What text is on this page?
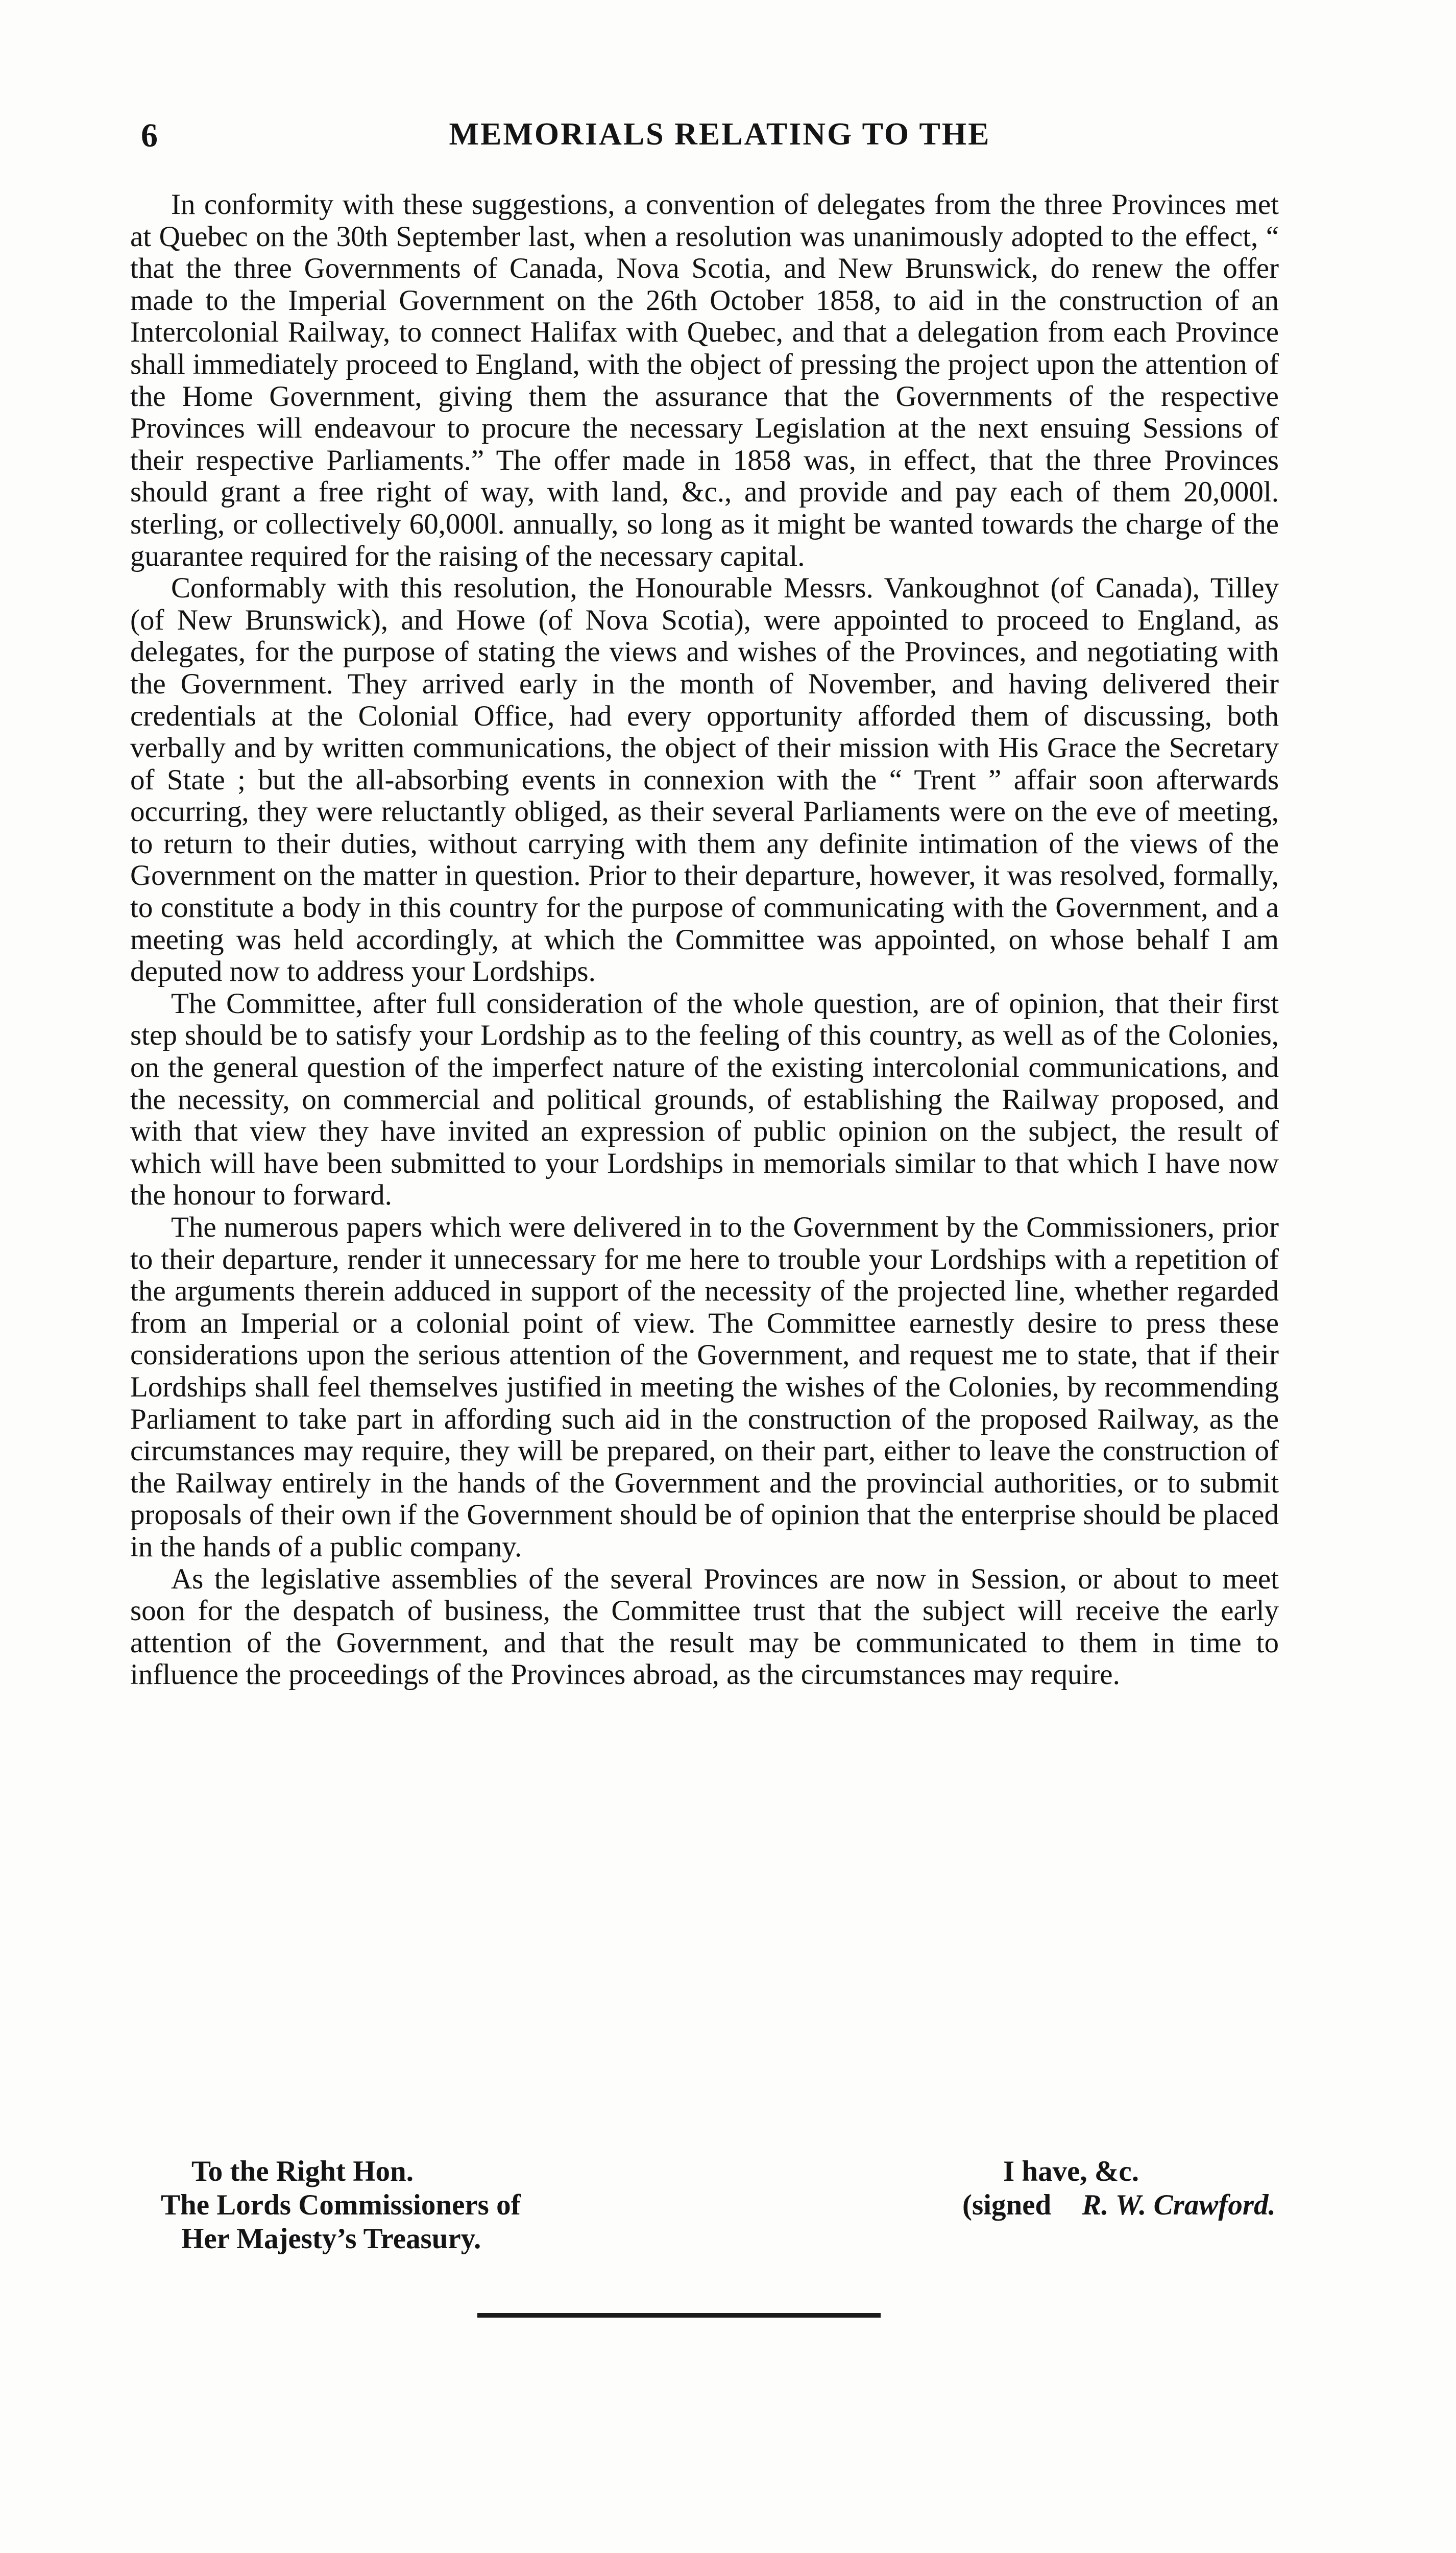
6	MEMORIALS RELATING TO THE

In conformity with these suggestions, a convention of delegates from the three Provinces met at Quebec on the 30th September last, when a resolution was unanimously adopted to the effect, “ that the three Governments of Canada, Nova Scotia, and New Brunswick, do renew the offer made to the Imperial Government on the 26th October 1858, to aid in the construction of an Intercolonial Railway, to connect Halifax with Quebec, and that a delegation from each Province shall immediately proceed to England, with the object of pressing the project upon the attention of the Home Government, giving them the assurance that the Governments of the respective Provinces will endeavour to procure the necessary Legislation at the next ensuing Sessions of their respective Parliaments.” The offer made in 1858 was, in effect, that the three Provinces should grant a free right of way, with land, &c., and provide and pay each of them 20,000l. sterling, or collectively 60,000l. annually, so long as it might be wanted towards the charge of the guarantee required for the raising of the necessary capital.

Conformably with this resolution, the Honourable Messrs. Vankoughnot (of Canada), Tilley (of New Brunswick), and Howe (of Nova Scotia), were appointed to proceed to England, as delegates, for the purpose of stating the views and wishes of the Provinces, and negotiating with the Government. They arrived early in the month of November, and having delivered their credentials at the Colonial Office, had every opportunity afforded them of discussing, both verbally and by written communications, the object of their mission with His Grace the Secretary of State ; but the all-absorbing events in connexion with the “ Trent ” affair soon afterwards occurring, they were reluctantly obliged, as their several Parliaments were on the eve of meeting, to return to their duties, without carrying with them any definite intimation of the views of the Government on the matter in question. Prior to their departure, however, it was resolved, formally, to constitute a body in this country for the purpose of communicating with the Government, and a meeting was held accordingly, at which the Committee was appointed, on whose behalf I am deputed now to address your Lordships.

The Committee, after full consideration of the whole question, are of opinion, that their first step should be to satisfy your Lordship as to the feeling of this country, as well as of the Colonies, on the general question of the imperfect nature of the existing intercolonial communications, and the necessity, on commercial and political grounds, of establishing the Railway proposed, and with that view they have invited an expression of public opinion on the subject, the result of which will have been submitted to your Lordships in memorials similar to that which I have now the honour to forward.

The numerous papers which were delivered in to the Government by the Commissioners, prior to their departure, render it unnecessary for me here to trouble your Lordships with a repetition of the arguments therein adduced in support of the necessity of the projected line, whether regarded from an Imperial or a colonial point of view. The Committee earnestly desire to press these considerations upon the serious attention of the Government, and request me to state, that if their Lordships shall feel themselves justified in meeting the wishes of the Colonies, by recommending Parliament to take part in affording such aid in the construction of the proposed Railway, as the circumstances may require, they will be prepared, on their part, either to leave the construction of the Railway entirely in the hands of the Government and the provincial authorities, or to submit proposals of their own if the Government should be of opinion that the enterprise should be placed in the hands of a public company.

As the legislative assemblies of the several Provinces are now in Session, or about to meet soon for the despatch of business, the Committee trust that the subject will receive the early attention of the Government, and that the result may be communicated to them in time to influence the proceedings of the Provinces abroad, as the circumstances may require.

To the Right Hon.
The Lords Commissioners of
Her Majesty’s Treasury.
I have, &c.
(signed R. W. Crawford.
